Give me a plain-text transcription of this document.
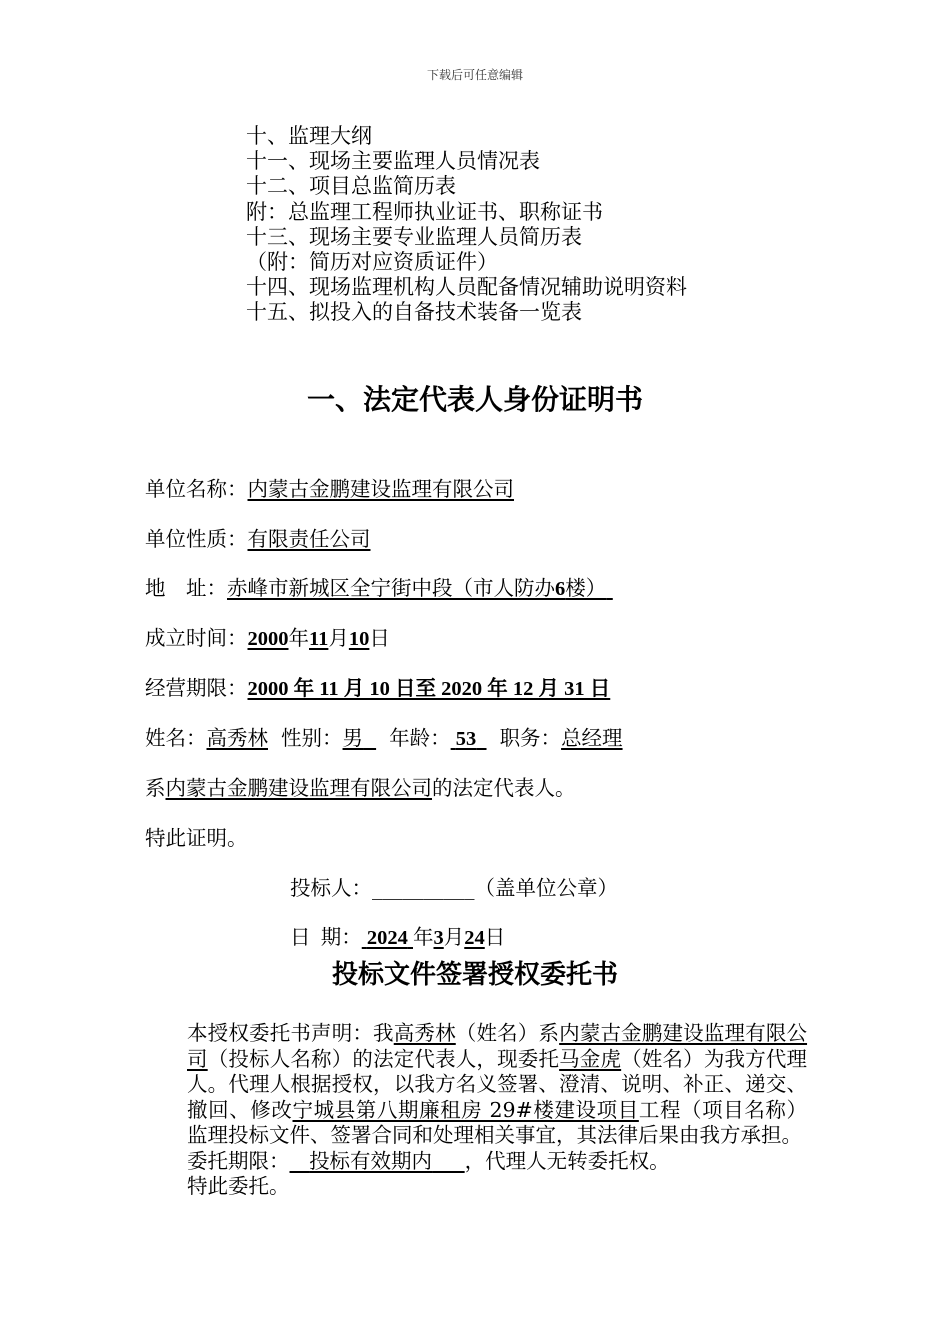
下载后可任意编辑
十、监理大纲
十一、现场主要监理人员情况表
十二、项目总监简历表
附：总监理工程师执业证书、职称证书
十三、现场主要专业监理人员简历表
（附：简历对应资质证件）
十四、现场监理机构人员配备情况辅助说明资料
十五、拟投入的自备技术装备一览表
一、法定代表人身份证明书
单位名称：内蒙古金鹏建设监理有限公司
单位性质：有限责任公司
地　址：赤峰市新城区全宁街中段（市人防办6楼）
成立时间：2000年11月10日
经营期限：2000 年 11 月 10 日至 2020 年 12 月 31 日
姓名：高秀林 性别：男 年龄： 53 职务：总经理
系内蒙古金鹏建设监理有限公司的法定代表人。
特此证明。
投标人：__________（盖单位公章）
日 期： 2024 年3月24日
投标文件签署授权委托书
本授权委托书声明：我高秀林（姓名）系内蒙古金鹏建设监理有限公司（投标人名称）的法定代表人，现委托马金虎（姓名）为我方代理人。代理人根据授权，以我方名义签署、澄清、说明、补正、递交、撤回、修改宁城县第八期廉租房 29#楼建设项目工程（项目名称）监理投标文件、签署合同和处理相关事宜，其法律后果由我方承担。
委托期限： 投标有效期内 ，代理人无转委托权。
特此委托。
